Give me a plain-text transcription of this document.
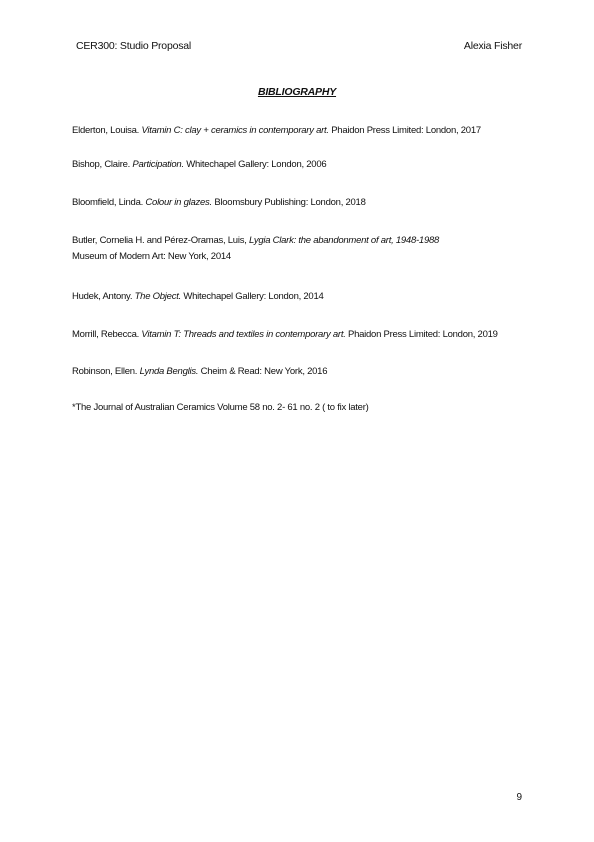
CER300: Studio Proposal	Alexia Fisher
BIBLIOGRAPHY
Elderton, Louisa. Vitamin C: clay + ceramics in contemporary art. Phaidon Press Limited: London, 2017
Bishop, Claire. Participation. Whitechapel Gallery: London, 2006
Bloomfield, Linda. Colour in glazes. Bloomsbury Publishing: London, 2018
Butler, Cornelia H. and Pérez-Oramas, Luis, Lygia Clark: the abandonment of art, 1948-1988
Museum of Modern Art: New York, 2014
Hudek, Antony. The Object. Whitechapel Gallery: London, 2014
Morrill, Rebecca. Vitamin T: Threads and textiles in contemporary art. Phaidon Press Limited: London, 2019
Robinson, Ellen. Lynda Benglis. Cheim & Read: New York, 2016
*The Journal of Australian Ceramics Volume 58 no. 2- 61 no. 2 ( to fix later)
9
